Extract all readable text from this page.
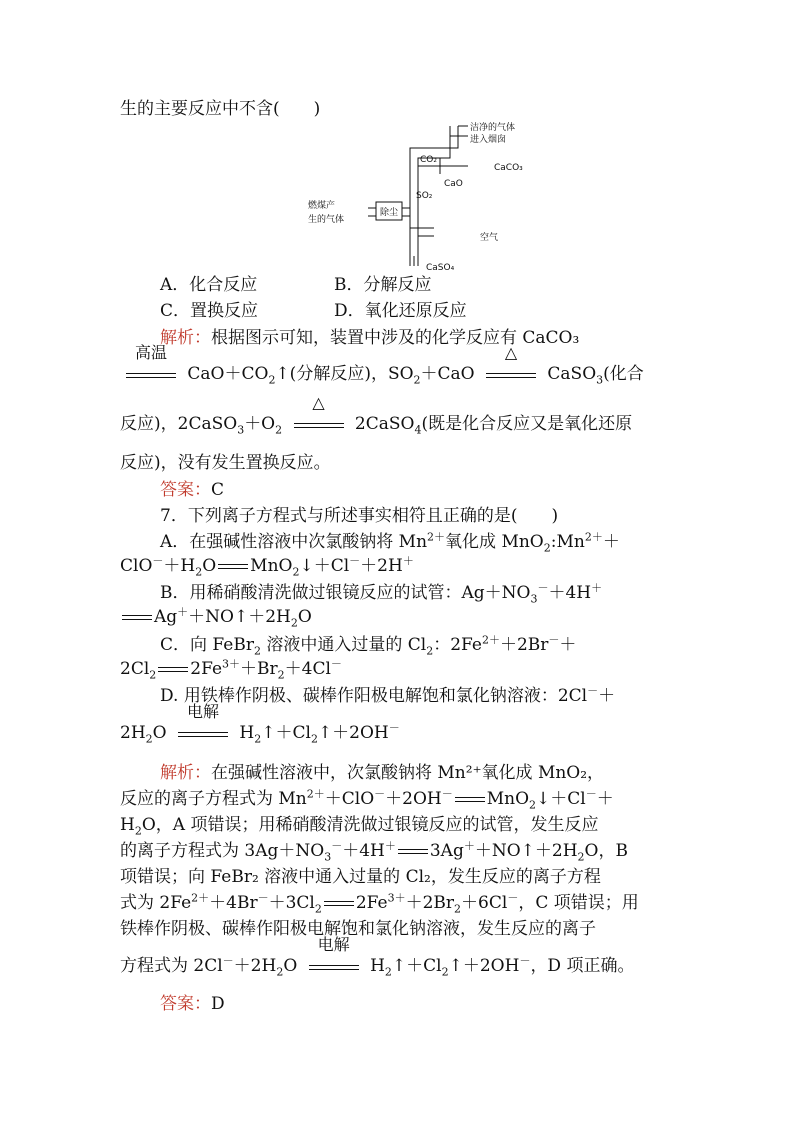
生的主要反应中不含(　　)
洁净的气体
进入烟囱
CO₂
CaCO₃
CaO
SO₂
燃煤产
生的气体
除尘
空气
CaSO₄
A．化合反应	B．分解反应
C．置换反应	D．氧化还原反应
解析：根据图示可知，装置中涉及的化学反应有 CaCO₃
高温
$CaO+CO_2↑$(分解反应)，$SO_2+CaO$
△
CaSO$_3$(化合
反应)，$2CaSO_3+O_2$
△
2CaSO$_4$(既是化合反应又是氧化还原
反应)，没有发生置换反应。
答案：C
7．下列离子方程式与所述事实相符且正确的是(　　)
A．在强碱性溶液中次氯酸钠将 $Mn^{2+}$氧化成 $MnO_2:Mn^{2+}+$
$ClO^-+H_2O$ MnO$_2$↓＋Cl－＋2H＋
B．用稀硝酸清洗做过银镜反应的试管：$Ag+NO_3^-+4H^+$
$Ag^++NO↑+2H_2O$
C．向 FeBr$_2$ 溶液中通入过量的 $Cl_2$：$2Fe^{2+}+2Br^-+$
$2Cl_2$ $2Fe^{3+}+Br_2+4Cl^-$
D. 用铁棒作阴极、碳棒作阳极电解饱和氯化钠溶液：2Cl－＋
$2H_2O$
电解
$H_2↑+Cl_2↑+2OH^-$
解析：在强碱性溶液中，次氯酸钠将 Mn²⁺氧化成 MnO₂，
反应的离子方程式为 $Mn^{2+}+ClO^-+2OH^-$ MnO$_2$↓＋Cl－＋
$H_2O$，A 项错误；用稀硝酸清洗做过银镜反应的试管，发生反应
的离子方程式为 $3Ag+NO_3^-+4H^+$ $3Ag^++NO↑+2H_2O$，B
项错误；向 FeBr₂ 溶液中通入过量的 Cl₂，发生反应的离子方程
式为 $2Fe^{2+}+4Br^-+3Cl_2$ $2Fe^{3+}+2Br_2+6Cl^-$，C 项错误；用
铁棒作阴极、碳棒作阳极电解饱和氯化钠溶液，发生反应的离子
方程式为 $2Cl^-+2H_2O$
电解
$H_2↑+Cl_2↑+2OH^-$，D 项正确。
答案：D
